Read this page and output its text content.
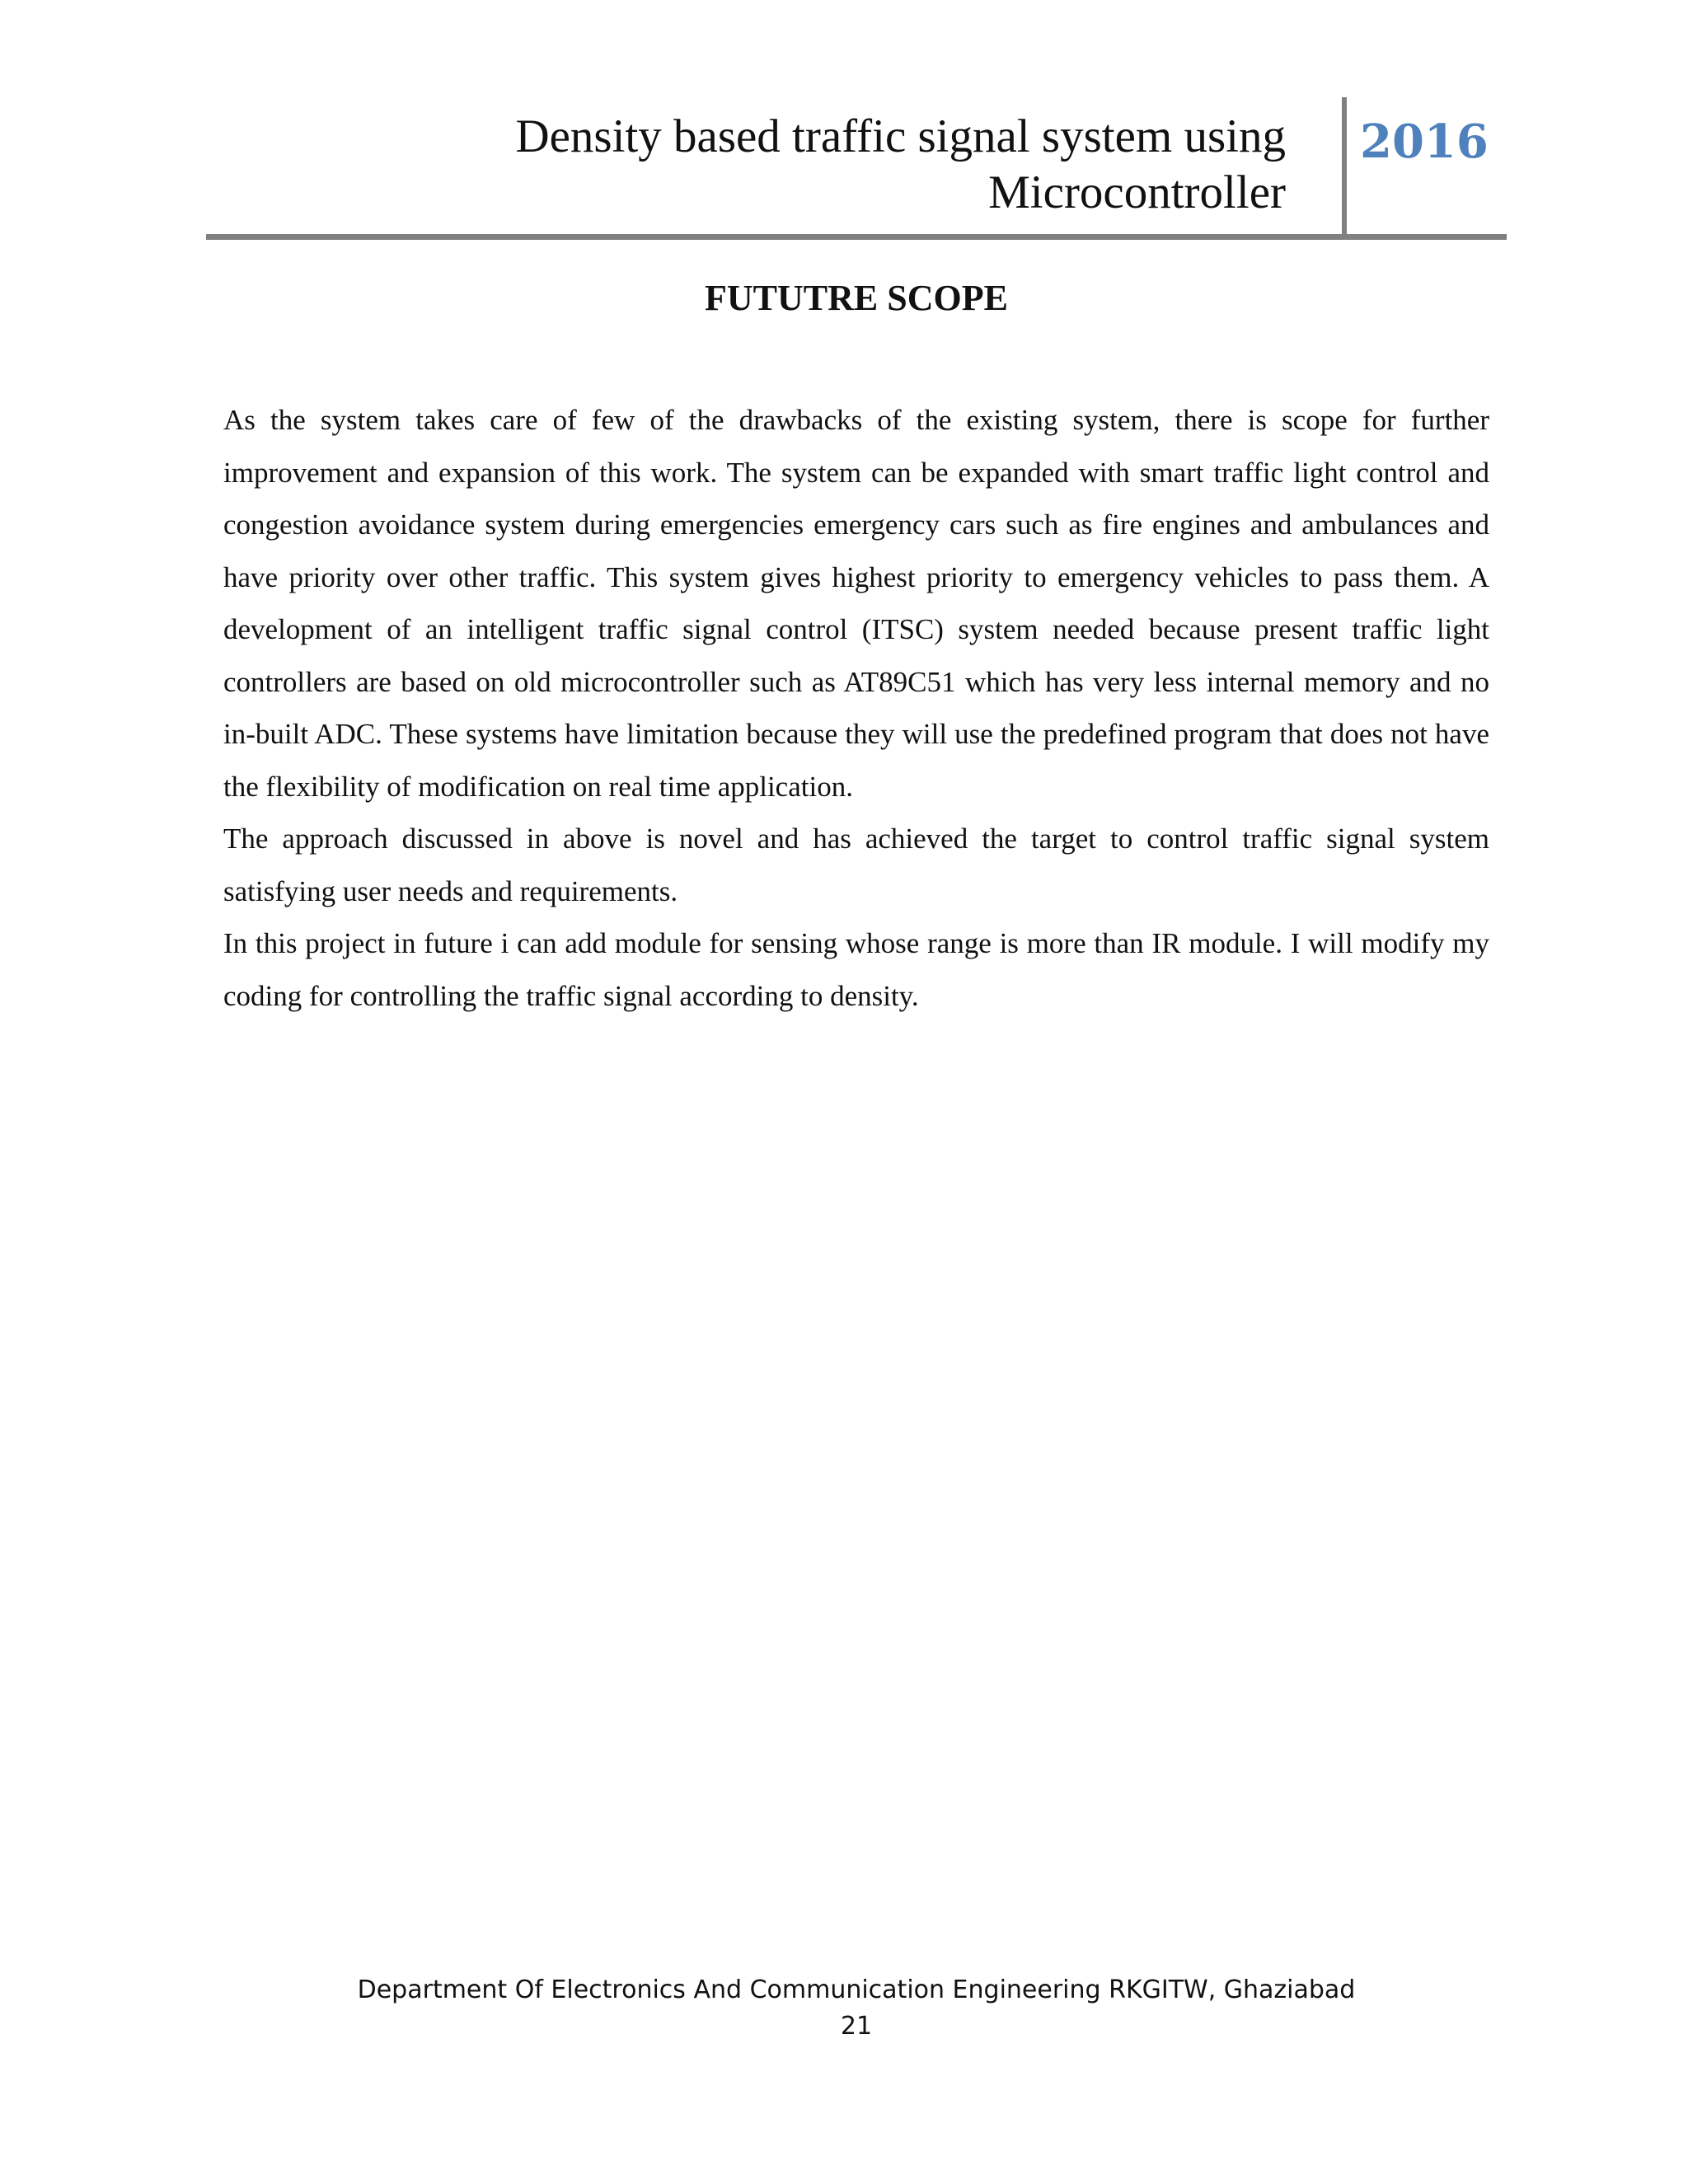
Density based traffic signal system using
Microcontroller
2016
FUTUTRE SCOPE

As the system takes care of few of the drawbacks of the existing system, there is scope for further improvement and expansion of this work. The system can be expanded with smart traffic light control and congestion avoidance system during emergencies emergency cars such as fire engines and ambulances and have priority over other traffic. This system gives highest priority to emergency vehicles to pass them. A development of an intelligent traffic signal control (ITSC) system needed because present traffic light controllers are based on old microcontroller such as AT89C51 which has very less internal memory and no in-built ADC. These systems have limitation because they will use the predefined program that does not have the flexibility of modification on real time application.

The approach discussed in above is novel and has achieved the target to control traffic signal system satisfying user needs and requirements.

In this project in future i can add module for sensing whose range is more than IR module. I will modify my coding for controlling the traffic signal according to density.

Department Of Electronics And Communication Engineering RKGITW, Ghaziabad
21
